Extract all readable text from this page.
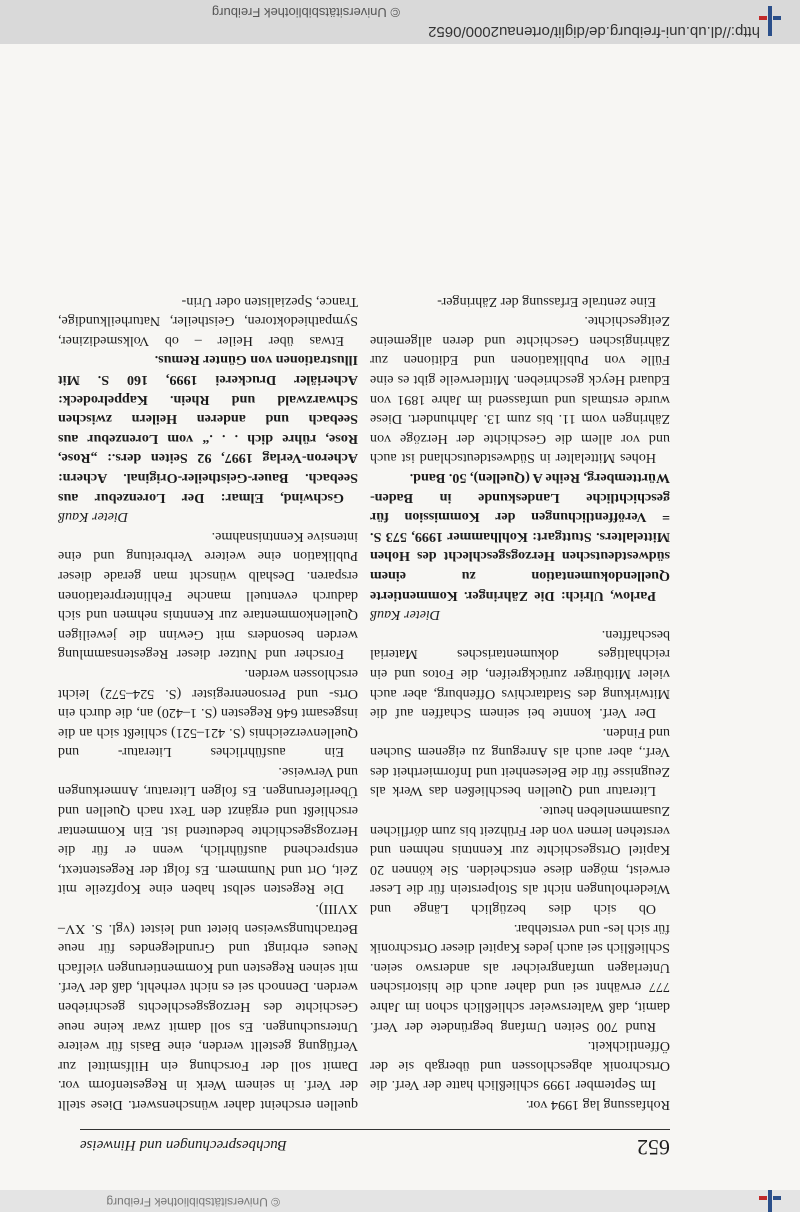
http://dl.ub.uni-freiburg.de/diglit/ortenau2000/0652
© Universitätsbibliothek Freiburg
652
Buchbesprechungen und Hinweise

Rohfassung lag 1994 vor.

Im September 1999 schließlich hatte der Verf. die Ortschronik abgeschlossen und übergab sie der Öffentlichkeit.

Rund 700 Seiten Umfang begründete der Verf. damit, daß Waltersweier schließlich schon im Jahre 777 erwähnt sei und daher auch die historischen Unterlagen umfangreicher als anderswo seien. Schließlich sei auch jedes Kapitel dieser Ortschronik für sich les- und verstehbar.

Ob sich dies bezüglich Länge und Wiederholungen nicht als Stolperstein für die Leser erweist, mögen diese entscheiden. Sie können 20 Kapitel Ortsgeschichte zur Kenntnis nehmen und verstehen lernen von der Frühzeit bis zum dörflichen Zusammenleben heute.

Literatur und Quellen beschließen das Werk als Zeugnisse für die Belesenheit und Informiertheit des Verf., aber auch als Anregung zu eigenem Suchen und Finden.

Der Verf. konnte bei seinem Schaffen auf die Mitwirkung des Stadtarchivs Offenburg, aber auch vieler Mitbürger zurückgreifen, die Fotos und ein reichhaltiges dokumentarisches Material beschafften.

Dieter Kauß

Parlow, Ulrich: Die Zähringer. Kommentierte Quellendokumentation zu einem südwestdeutschen Herzogsgeschlecht des Hohen Mittelalters. Stuttgart: Kohlhammer 1999, 573 S. = Veröffentlichungen der Kommission für geschichtliche Landeskunde in Baden-Württemberg, Reihe A (Quellen), 50. Band.

Hohes Mittelalter in Südwestdeutschland ist auch und vor allem die Geschichte der Herzöge von Zähringen vom 11. bis zum 13. Jahrhundert. Diese wurde erstmals und umfassend im Jahre 1891 von Eduard Heyck geschrieben. Mittlerweile gibt es eine Fülle von Publikationen und Editionen zur Zähringischen Geschichte und deren allgemeine Zeitgeschichte.

Eine zentrale Erfassung der Zähringer-

quellen erscheint daher wünschenswert. Diese stellt der Verf. in seinem Werk in Regestenform vor. Damit soll der Forschung ein Hilfsmittel zur Verfügung gestellt werden, eine Basis für weitere Untersuchungen. Es soll damit zwar keine neue Geschichte des Herzogsgeschlechts geschrieben werden. Dennoch sei es nicht verhehlt, daß der Verf. mit seinen Regesten und Kommentierungen vielfach Neues erbringt und Grundlegendes für neue Betrachtungsweisen bietet und leistet (vgl. S. XV–XVIII).

Die Regesten selbst haben eine Kopfzeile mit Zeit, Ort und Nummern. Es folgt der Regestentext, entsprechend ausführlich, wenn er für die Herzogsgeschichte bedeutend ist. Ein Kommentar erschließt und ergänzt den Text nach Quellen und Überlieferungen. Es folgen Literatur, Anmerkungen und Verweise.

Ein ausführliches Literatur- und Quellenverzeichnis (S. 421–521) schließt sich an die insgesamt 646 Regesten (S. 1–420) an, die durch ein Orts- und Personenregister (S. 524–572) leicht erschlossen werden.

Forscher und Nutzer dieser Regestensammlung werden besonders mit Gewinn die jeweiligen Quellenkommentare zur Kenntnis nehmen und sich dadurch eventuell manche Fehlinterpretationen ersparen. Deshalb wünscht man gerade dieser Publikation eine weitere Verbreitung und eine intensive Kenntnisnahme.

Dieter Kauß

Gschwind, Elmar: Der Lorenzebur aus Seebach. Bauer-Geistheiler-Original. Achern: Acheron-Verlag 1997, 92 Seiten ders.: „Rose, Rose, rühre dich . . .“ vom Lorenzebur aus Seebach und anderen Heilern zwischen Schwarzwald und Rhein. Kappelrodeck: Acheriäler Druckerei 1999, 160 S. Mit Illustrationen von Günter Remus.

Etwas über Heiler – ob Volksmediziner, Sympathiedoktoren, Geistheiler, Naturheilkundige, Trance, Spezialisten oder Urin-

© Universitätsbibliothek Freiburg
